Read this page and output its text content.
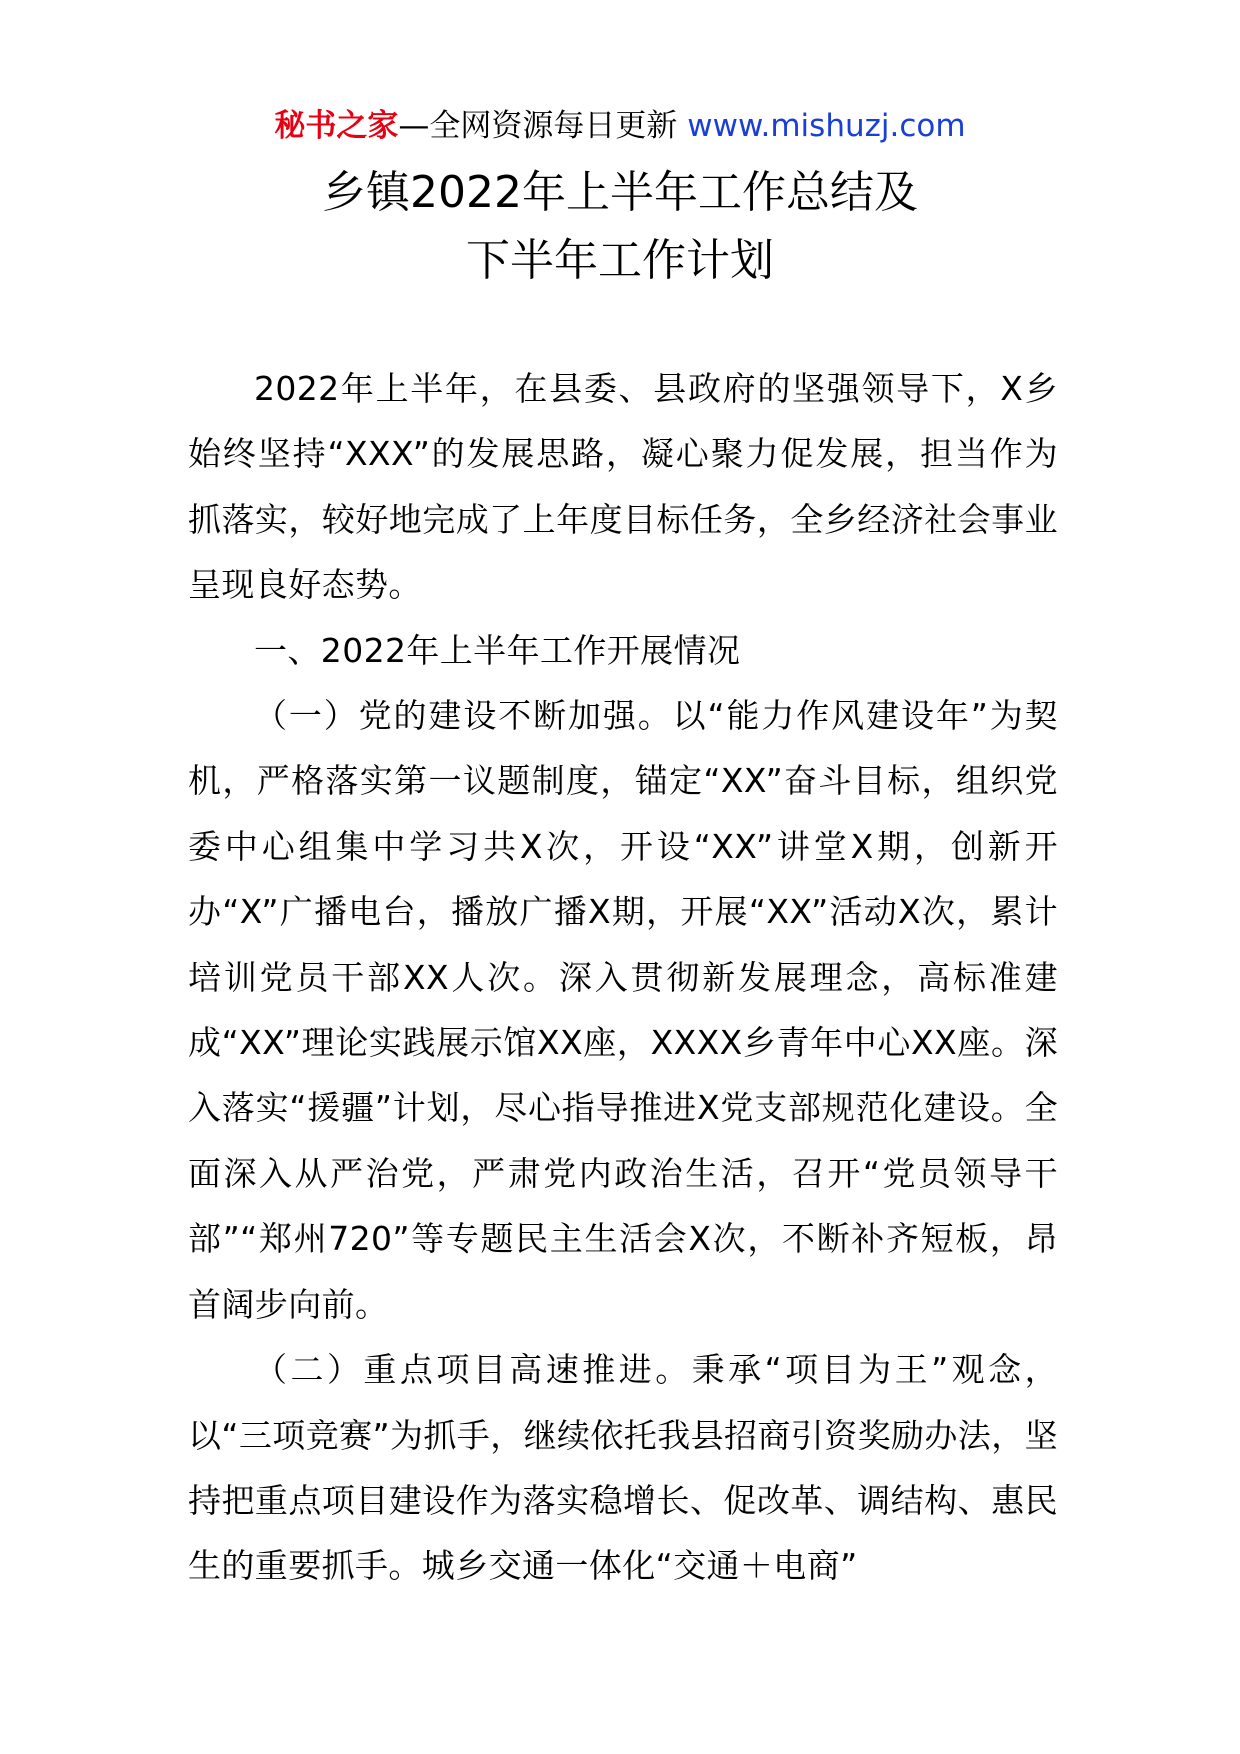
秘书之家—全网资源每日更新 www.mishuzj.com
乡镇2022年上半年工作总结及
下半年工作计划

2022年上半年，在县委、县政府的坚强领导下，X乡始终坚持“XXX”的发展思路，凝心聚力促发展，担当作为抓落实，较好地完成了上年度目标任务，全乡经济社会事业呈现良好态势。

一、2022年上半年工作开展情况

（一）党的建设不断加强。以“能力作风建设年”为契机，严格落实第一议题制度，锚定“XX”奋斗目标，组织党委中心组集中学习共X次，开设“XX”讲堂X期，创新开办“X”广播电台，播放广播X期，开展“XX”活动X次，累计培训党员干部XX人次。深入贯彻新发展理念，高标准建成“XX”理论实践展示馆XX座，XXXX乡青年中心XX座。深入落实“援疆”计划，尽心指导推进X党支部规范化建设。全面深入从严治党，严肃党内政治生活，召开“党员领导干部”“郑州720”等专题民主生活会X次，不断补齐短板，昂首阔步向前。

（二）重点项目高速推进。秉承“项目为王”观念，以“三项竞赛”为抓手，继续依托我县招商引资奖励办法，坚持把重点项目建设作为落实稳增长、促改革、调结构、惠民生的重要抓手。城乡交通一体化“交通＋电商”
